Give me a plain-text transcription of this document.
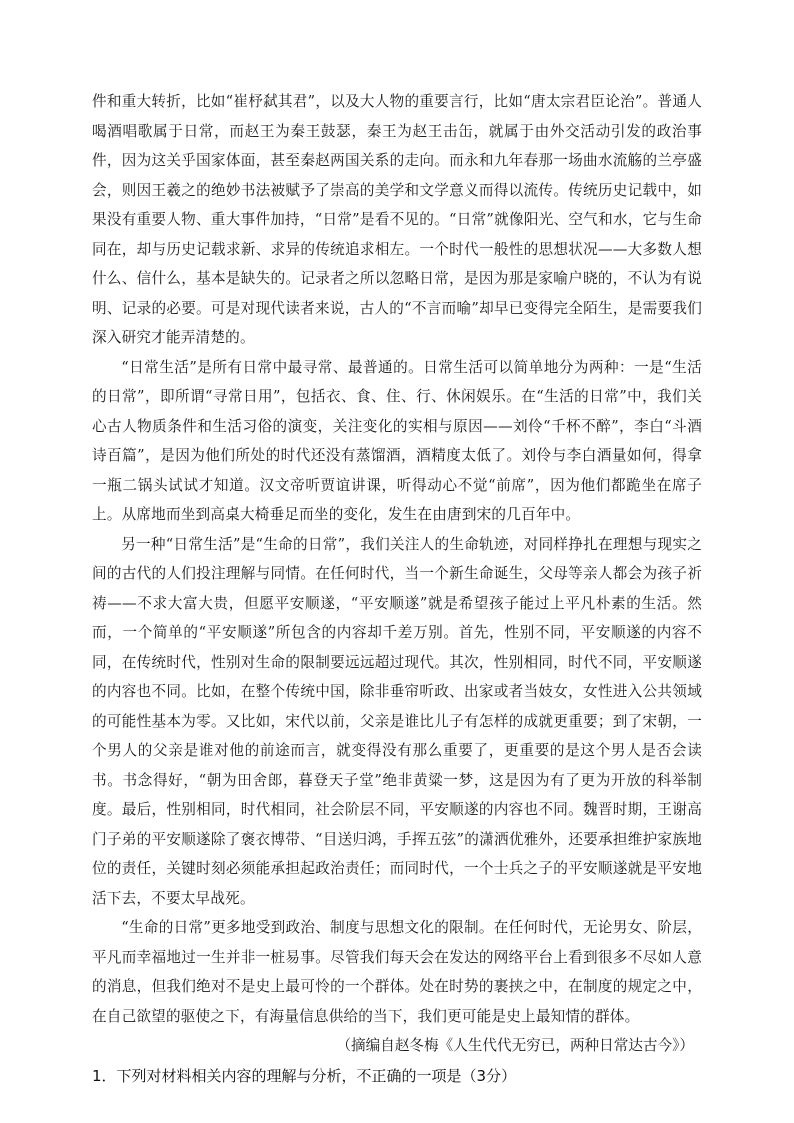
件和重大转折，比如“崔杼弑其君”，以及大人物的重要言行，比如“唐太宗君臣论治”。普通人喝酒唱歌属于日常，而赵王为秦王鼓瑟，秦王为赵王击缶，就属于由外交活动引发的政治事件，因为这关乎国家体面，甚至秦赵两国关系的走向。而永和九年春那一场曲水流觞的兰亭盛会，则因王羲之的绝妙书法被赋予了崇高的美学和文学意义而得以流传。传统历史记载中，如果没有重要人物、重大事件加持，“日常”是看不见的。“日常”就像阳光、空气和水，它与生命同在，却与历史记载求新、求异的传统追求相左。一个时代一般性的思想状况——大多数人想什么、信什么，基本是缺失的。记录者之所以忽略日常，是因为那是家喻户晓的，不认为有说明、记录的必要。可是对现代读者来说，古人的“不言而喻”却早已变得完全陌生，是需要我们深入研究才能弄清楚的。

“日常生活”是所有日常中最寻常、最普通的。日常生活可以简单地分为两种：一是“生活的日常”，即所谓“寻常日用”，包括衣、食、住、行、休闲娱乐。在“生活的日常”中，我们关心古人物质条件和生活习俗的演变，关注变化的实相与原因——刘伶“千杯不醉”，李白“斗酒诗百篇”，是因为他们所处的时代还没有蒸馏酒，酒精度太低了。刘伶与李白酒量如何，得拿一瓶二锅头试试才知道。汉文帝听贾谊讲课，听得动心不觉“前席”，因为他们都跪坐在席子上。从席地而坐到高桌大椅垂足而坐的变化，发生在由唐到宋的几百年中。

另一种“日常生活”是“生命的日常”，我们关注人的生命轨迹，对同样挣扎在理想与现实之间的古代的人们投注理解与同情。在任何时代，当一个新生命诞生，父母等亲人都会为孩子祈祷——不求大富大贵，但愿平安顺遂，“平安顺遂”就是希望孩子能过上平凡朴素的生活。然而，一个简单的“平安顺遂”所包含的内容却千差万别。首先，性别不同，平安顺遂的内容不同，在传统时代，性别对生命的限制要远远超过现代。其次，性别相同，时代不同，平安顺遂的内容也不同。比如，在整个传统中国，除非垂帘听政、出家或者当妓女，女性进入公共领域的可能性基本为零。又比如，宋代以前，父亲是谁比儿子有怎样的成就更重要；到了宋朝，一个男人的父亲是谁对他的前途而言，就变得没有那么重要了，更重要的是这个男人是否会读书。书念得好，“朝为田舍郎，暮登天子堂”绝非黄粱一梦，这是因为有了更为开放的科举制度。最后，性别相同，时代相同，社会阶层不同，平安顺遂的内容也不同。魏晋时期，王谢高门子弟的平安顺遂除了褒衣博带、“目送归鸿，手挥五弦”的潇洒优雅外，还要承担维护家族地位的责任，关键时刻必须能承担起政治责任；而同时代，一个士兵之子的平安顺遂就是平安地活下去，不要太早战死。

“生命的日常”更多地受到政治、制度与思想文化的限制。在任何时代，无论男女、阶层，平凡而幸福地过一生并非一桩易事。尽管我们每天会在发达的网络平台上看到很多不尽如人意的消息，但我们绝对不是史上最可怜的一个群体。处在时势的裹挟之中，在制度的规定之中，在自己欲望的驱使之下，有海量信息供给的当下，我们更可能是史上最知情的群体。

（摘编自赵冬梅《人生代代无穷已，两种日常达古今》）

1．下列对材料相关内容的理解与分析，不正确的一项是（3分）
